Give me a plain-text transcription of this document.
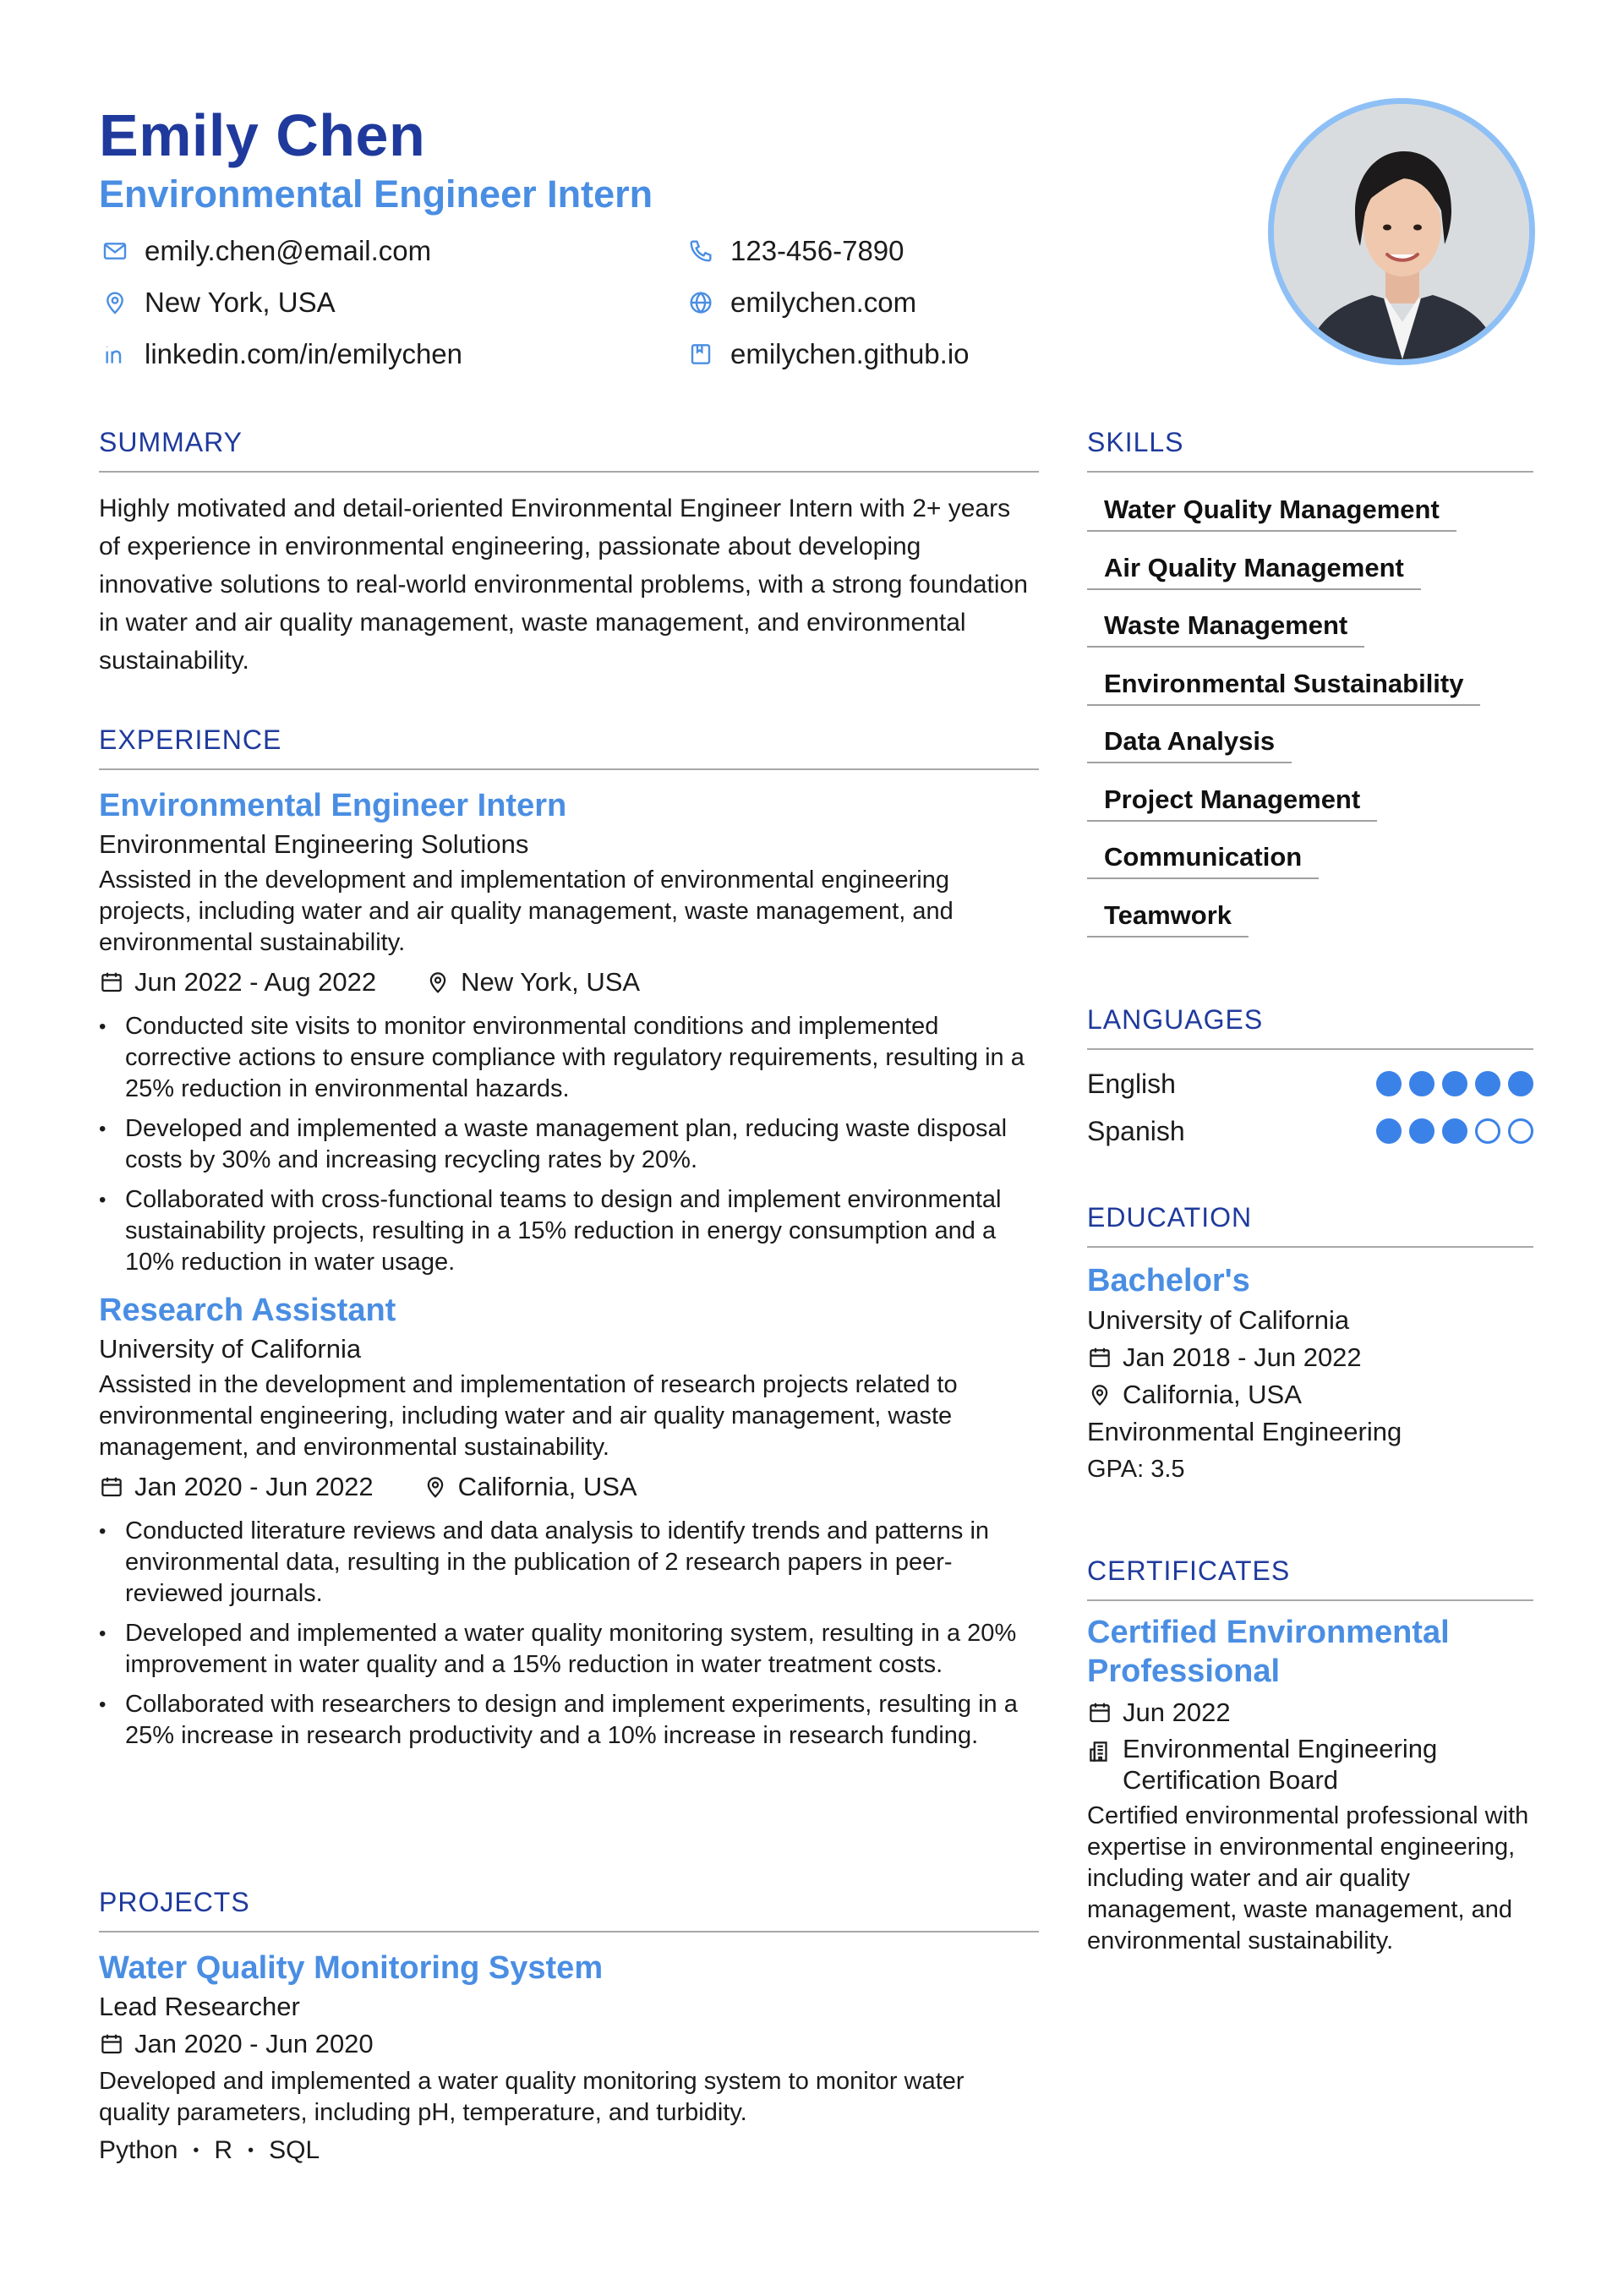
Emily Chen
Environmental Engineer Intern
emily.chen@email.com	123-456-7890
New York, USA	emilychen.com
linkedin.com/in/emilychen	emilychen.github.io
SUMMARY
Highly motivated and detail-oriented Environmental Engineer Intern with 2+ years of experience in environmental engineering, passionate about developing innovative solutions to real-world environmental problems, with a strong foundation in water and air quality management, waste management, and environmental sustainability.
EXPERIENCE
Environmental Engineer Intern
Environmental Engineering Solutions
Assisted in the development and implementation of environmental engineering projects, including water and air quality management, waste management, and environmental sustainability.
Jun 2022 - Aug 2022	New York, USA
• Conducted site visits to monitor environmental conditions and implemented corrective actions to ensure compliance with regulatory requirements, resulting in a 25% reduction in environmental hazards.
• Developed and implemented a waste management plan, reducing waste disposal costs by 30% and increasing recycling rates by 20%.
• Collaborated with cross-functional teams to design and implement environmental sustainability projects, resulting in a 15% reduction in energy consumption and a 10% reduction in water usage.
Research Assistant
University of California
Assisted in the development and implementation of research projects related to environmental engineering, including water and air quality management, waste management, and environmental sustainability.
Jan 2020 - Jun 2022	California, USA
• Conducted literature reviews and data analysis to identify trends and patterns in environmental data, resulting in the publication of 2 research papers in peer-reviewed journals.
• Developed and implemented a water quality monitoring system, resulting in a 20% improvement in water quality and a 15% reduction in water treatment costs.
• Collaborated with researchers to design and implement experiments, resulting in a 25% increase in research productivity and a 10% increase in research funding.
PROJECTS
Water Quality Monitoring System
Lead Researcher
Jan 2020 - Jun 2020
Developed and implemented a water quality monitoring system to monitor water quality parameters, including pH, temperature, and turbidity.
Python • R • SQL
SKILLS
Water Quality Management
Air Quality Management
Waste Management
Environmental Sustainability
Data Analysis
Project Management
Communication
Teamwork
LANGUAGES
English
Spanish
EDUCATION
Bachelor's
University of California
Jan 2018 - Jun 2022
California, USA
Environmental Engineering
GPA: 3.5
CERTIFICATES
Certified Environmental Professional
Jun 2022
Environmental Engineering Certification Board
Certified environmental professional with expertise in environmental engineering, including water and air quality management, waste management, and environmental sustainability.
